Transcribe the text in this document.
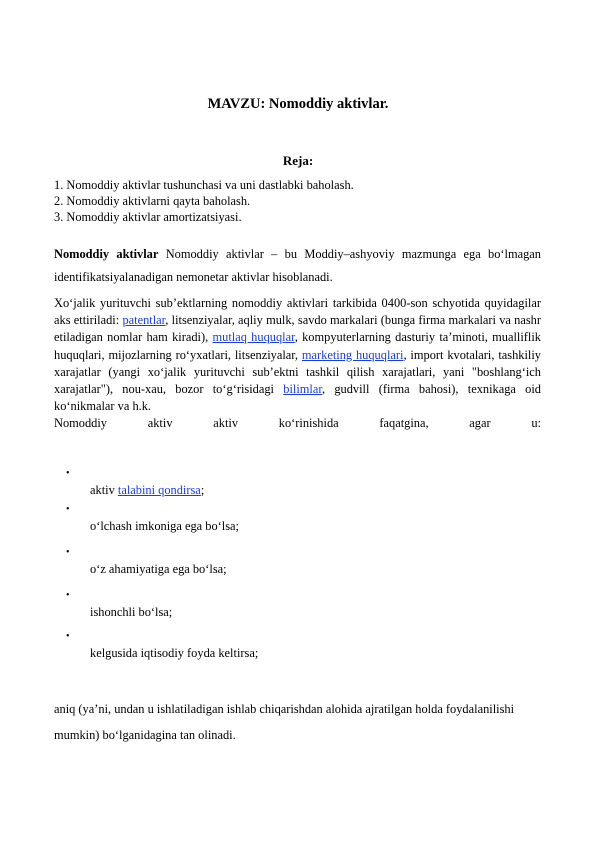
MAVZU: Nomoddiy aktivlar.
Reja:
1. Nomoddiy aktivlar tushunchasi va uni dastlabki baholash.
2. Nomoddiy aktivlarni qayta baholash.
3. Nomoddiy aktivlar amortizatsiyasi.
Nomoddiy aktivlar Nomoddiy aktivlar – bu Moddiy–ashyoviy mazmunga ega bo‘lmagan identifikatsiyalanadigan nemonetar aktivlar hisoblanadi.
Xo‘jalik yurituvchi sub’ektlarning nomoddiy aktivlari tarkibida 0400-son schyotida quyidagilar aks ettiriladi: patentlar, litsenziyalar, aqliy mulk, savdo markalari (bunga firma markalari va nashr etiladigan nomlar ham kiradi), mutlaq huquqlar, kompyuterlarning dasturiy ta’minoti, mualliflik huquqlari, mijozlarning ro‘yxatlari, litsenziyalar, marketing huquqlari, import kvotalari, tashkiliy xarajatlar (yangi xo‘jalik yurituvchi sub’ektni tashkil qilish xarajatlari, yani "boshlang‘ich xarajatlar"), nou-xau, bozor to‘g‘risidagi bilimlar, gudvill (firma bahosi), texnikaga oid ko‘nikmalar va h.k.
Nomoddiy aktiv aktiv ko‘rinishida faqatgina, agar u:
•
aktiv talabini qondirsa;
•
o‘lchash imkoniga ega bo‘lsa;
•
o‘z ahamiyatiga ega bo‘lsa;
•
ishonchli bo‘lsa;
•
kelgusida iqtisodiy foyda keltirsa;
aniq (ya’ni, undan u ishlatiladigan ishlab chiqarishdan alohida ajratilgan holda foydalanilishi mumkin) bo‘lganidagina tan olinadi.
